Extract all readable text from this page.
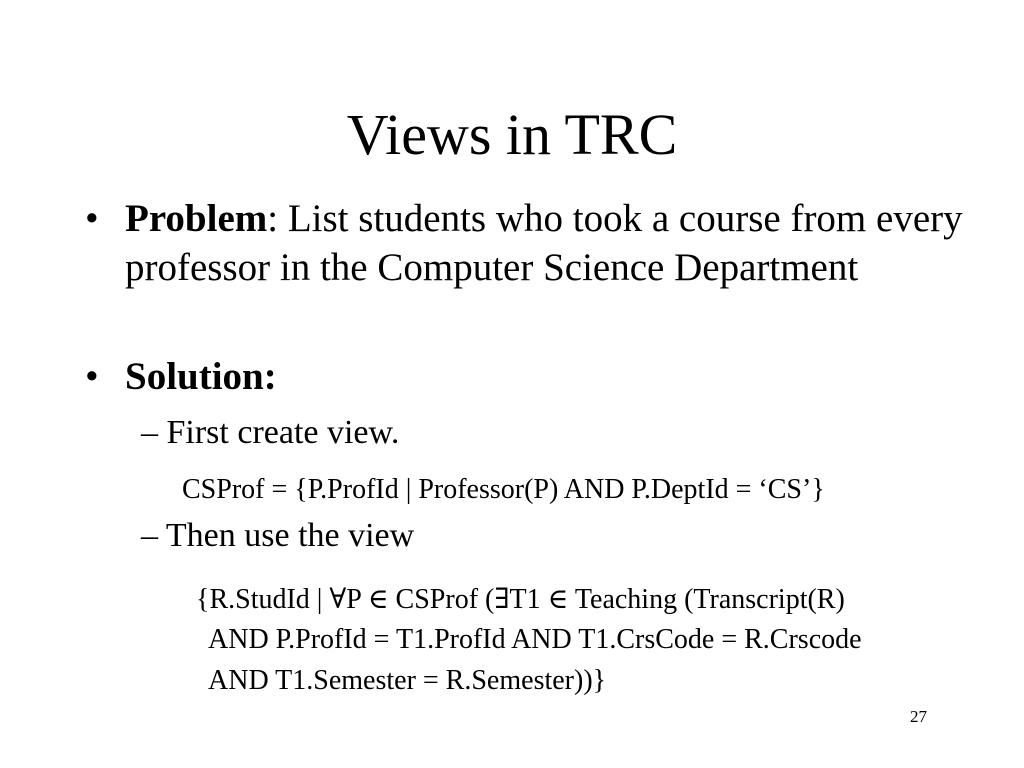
Views in TRC
• Problem: List students who took a course from every professor in the Computer Science Department
• Solution:
– First create view.
CSProf = {P.ProfId | Professor(P) AND P.DeptId = ‘CS’}
– Then use the view
{R.StudId | ∀P ∈ CSProf (∃T1 ∈ Teaching (Transcript(R)
AND P.ProfId = T1.ProfId AND T1.CrsCode = R.Crscode
AND T1.Semester = R.Semester))}
27
